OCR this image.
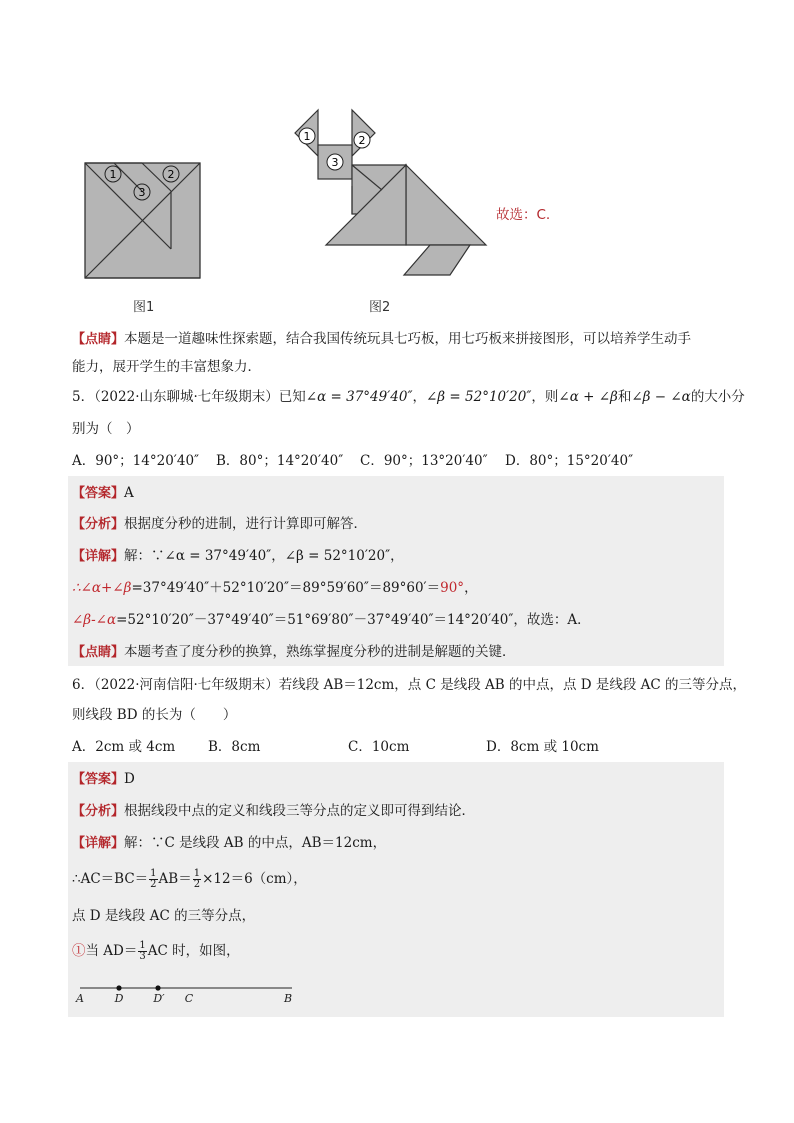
1	2
3
图1
1	2
3
图2
故选：C.
【点睛】本题是一道趣味性探索题，结合我国传统玩具七巧板，用七巧板来拼接图形，可以培养学生动手
能力，展开学生的丰富想象力．
5．（2022·山东聊城·七年级期末）已知∠α = 37°49′40″，∠β = 52°10′20″，则∠α + ∠β和∠β − ∠α的大小分
别为（　）
A．90°；14°20′40″ B．80°；14°20′40″ C．90°；13°20′40″ D．80°；15°20′40″
【答案】A
【分析】根据度分秒的进制，进行计算即可解答．
【详解】解：∵∠α = 37°49′40″，∠β = 52°10′20″，
∴∠α+∠β=37°49′40″＋52°10′20″＝89°59′60″＝89°60′＝90°，
∠β-∠α=52°10′20″－37°49′40″＝51°69′80″－37°49′40″＝14°20′40″，故选：A．
【点睛】本题考查了度分秒的换算，熟练掌握度分秒的进制是解题的关键．
6．（2022·河南信阳·七年级期末）若线段 AB＝12cm，点 C 是线段 AB 的中点，点 D 是线段 AC 的三等分点，
则线段 BD 的长为（　　）
A．2cm 或 4cm B．8cm	C．10cm	D．8cm 或 10cm
【答案】D
【分析】根据线段中点的定义和线段三等分点的定义即可得到结论．
【详解】解：∵C 是线段 AB 的中点，AB＝12cm，
∴AC＝BC＝ $\frac{1}{2} AB= \frac{1}{2} \times 12=6(cm)$，
点 D 是线段 AC 的三等分点，
①当 $AD= \frac{1}{3}$ AC 时，如图，
A	D	D′ C	B
